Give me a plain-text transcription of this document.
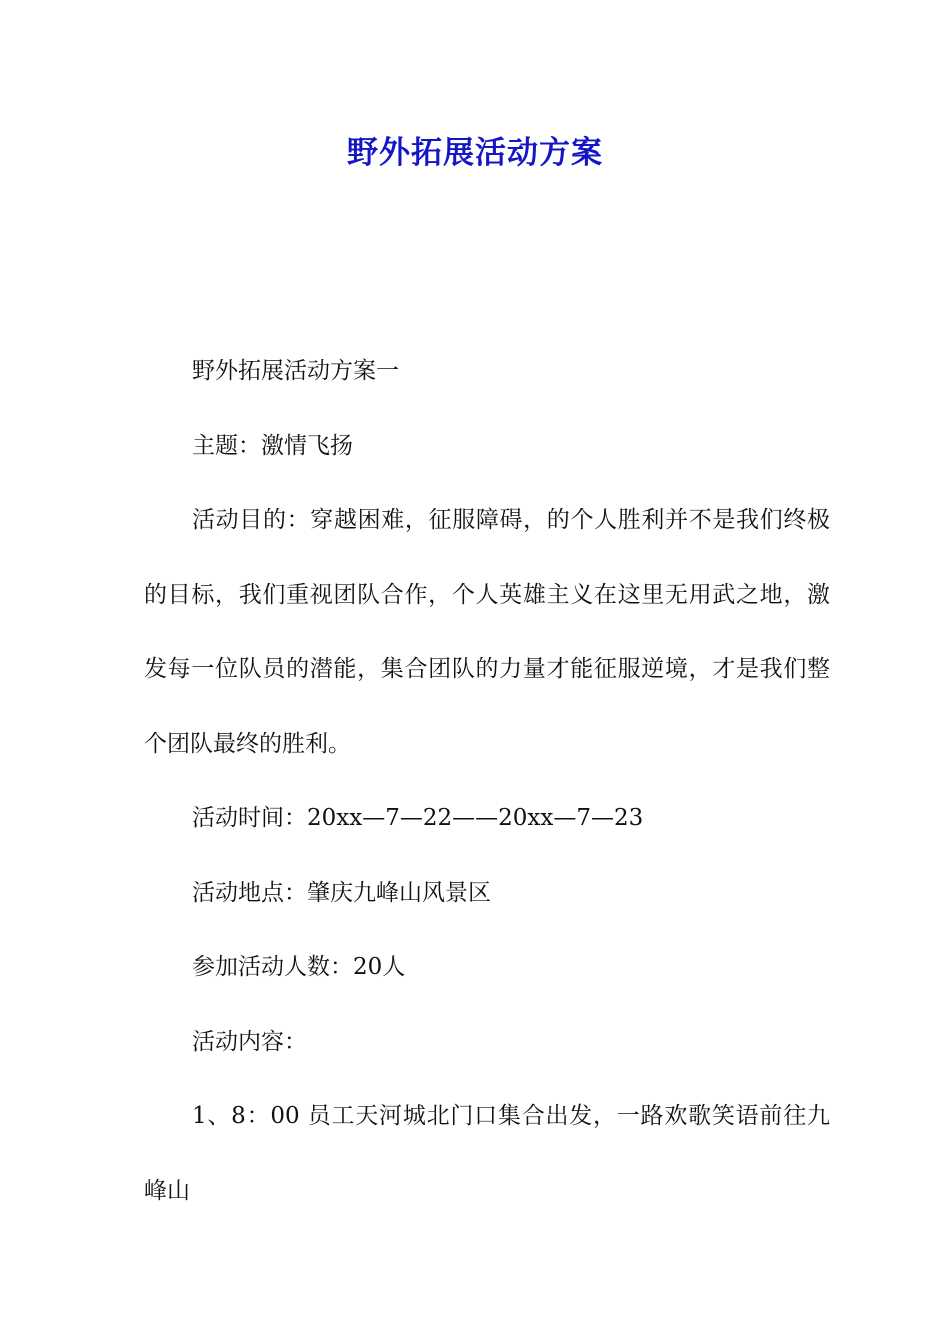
野外拓展活动方案

野外拓展活动方案一

主题：激情飞扬

活动目的：穿越困难，征服障碍，的个人胜利并不是我们终极的目标，我们重视团队合作，个人英雄主义在这里无用武之地，激发每一位队员的潜能，集合团队的力量才能征服逆境，才是我们整个团队最终的胜利。

活动时间：20xx—7—22——20xx—7—23

活动地点：肇庆九峰山风景区

参加活动人数：20人

活动内容：

1、8：00 员工天河城北门口集合出发，一路欢歌笑语前往九峰山
